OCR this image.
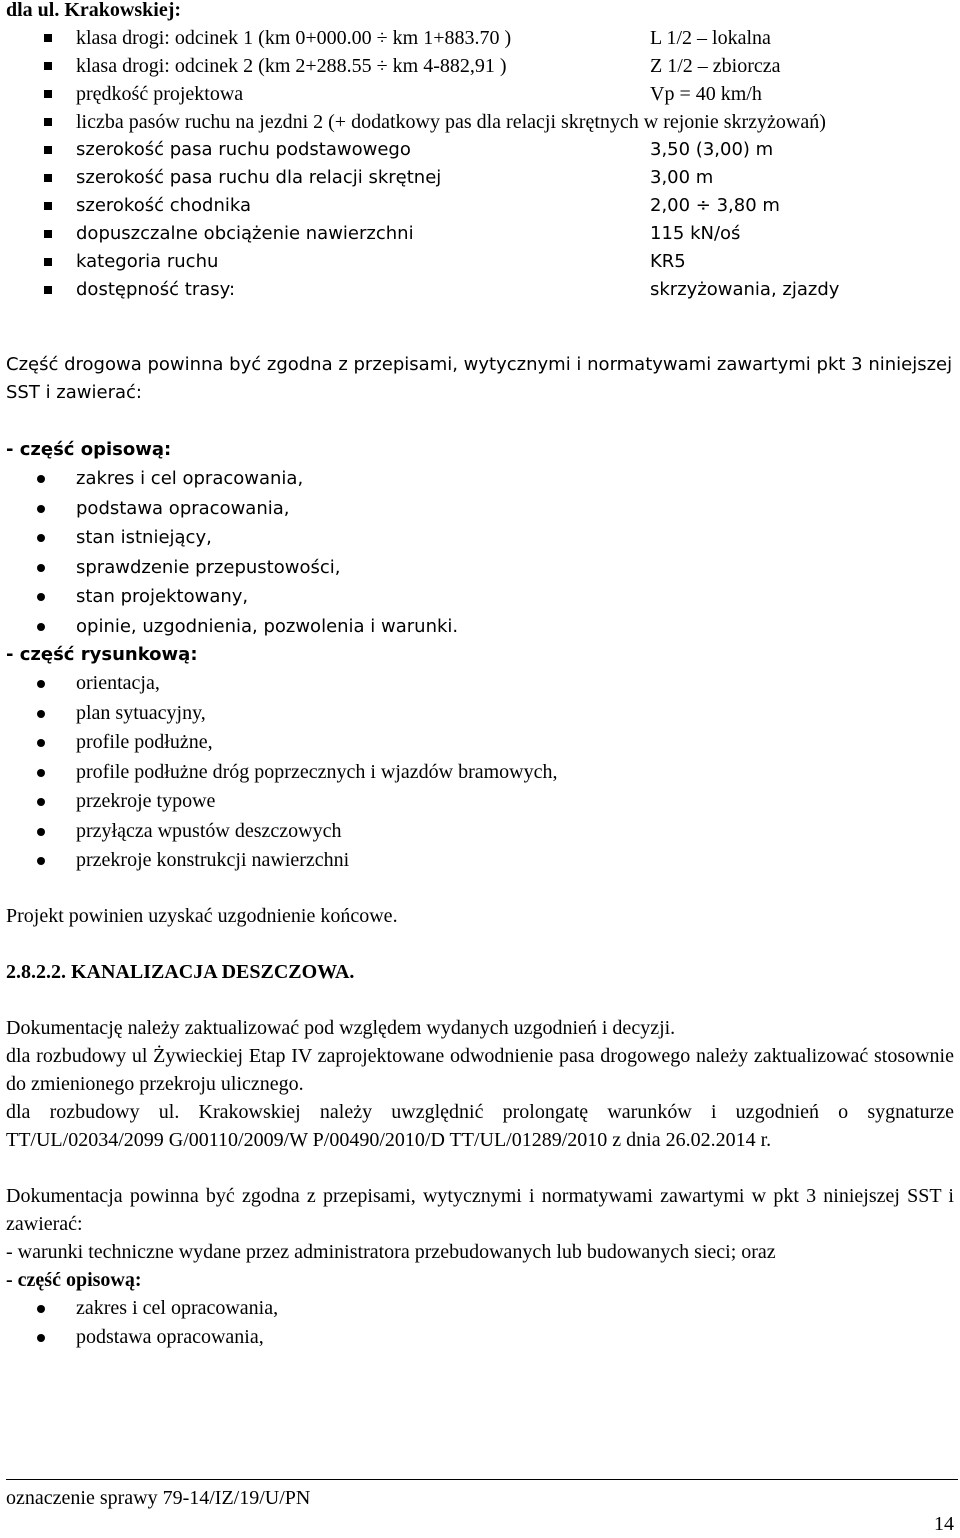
dla ul. Krakowskiej:
klasa drogi: odcinek 1 (km 0+000.00 ÷ km 1+883.70 )	L 1/2 – lokalna
klasa drogi: odcinek 2 (km 2+288.55 ÷ km 4-882,91 )	Z 1/2 – zbiorcza
prędkość projektowa	Vp = 40 km/h
liczba pasów ruchu na jezdni 2 (+ dodatkowy pas dla relacji skrętnych w rejonie skrzyżowań)
szerokość pasa ruchu podstawowego	3,50 (3,00) m
szerokość pasa ruchu dla relacji skrętnej	3,00 m
szerokość chodnika	2,00 ÷ 3,80 m
dopuszczalne obciążenie nawierzchni	115 kN/oś
kategoria ruchu	KR5
dostępność trasy:	skrzyżowania, zjazdy

Część drogowa powinna być zgodna z przepisami, wytycznymi i normatywami zawartymi pkt 3 niniejszej SST i zawierać:

- część opisową:
zakres i cel opracowania,
podstawa opracowania,
stan istniejący,
sprawdzenie przepustowości,
stan projektowany,
opinie, uzgodnienia, pozwolenia i warunki.
- część rysunkową:
orientacja,
plan sytuacyjny,
profile podłużne,
profile podłużne dróg poprzecznych i wjazdów bramowych,
przekroje typowe
przyłącza wpustów deszczowych
przekroje konstrukcji nawierzchni

Projekt powinien uzyskać uzgodnienie końcowe.

2.8.2.2. KANALIZACJA DESZCZOWA.

Dokumentację należy zaktualizować pod względem wydanych uzgodnień i decyzji.

dla rozbudowy ul Żywieckiej Etap IV zaprojektowane odwodnienie pasa drogowego należy zaktualizować stosownie do zmienionego przekroju ulicznego.

dla rozbudowy ul. Krakowskiej należy uwzględnić prolongatę warunków i uzgodnień o sygnaturze TT/UL/02034/2099 G/00110/2009/W P/00490/2010/D TT/UL/01289/2010 z dnia 26.02.2014 r.

Dokumentacja powinna być zgodna z przepisami, wytycznymi i normatywami zawartymi w pkt 3 niniejszej SST i zawierać:

- warunki techniczne wydane przez administratora przebudowanych lub budowanych sieci; oraz

- część opisową:
zakres i cel opracowania,
podstawa opracowania,
oznaczenie sprawy 79-14/IZ/19/U/PN
14
